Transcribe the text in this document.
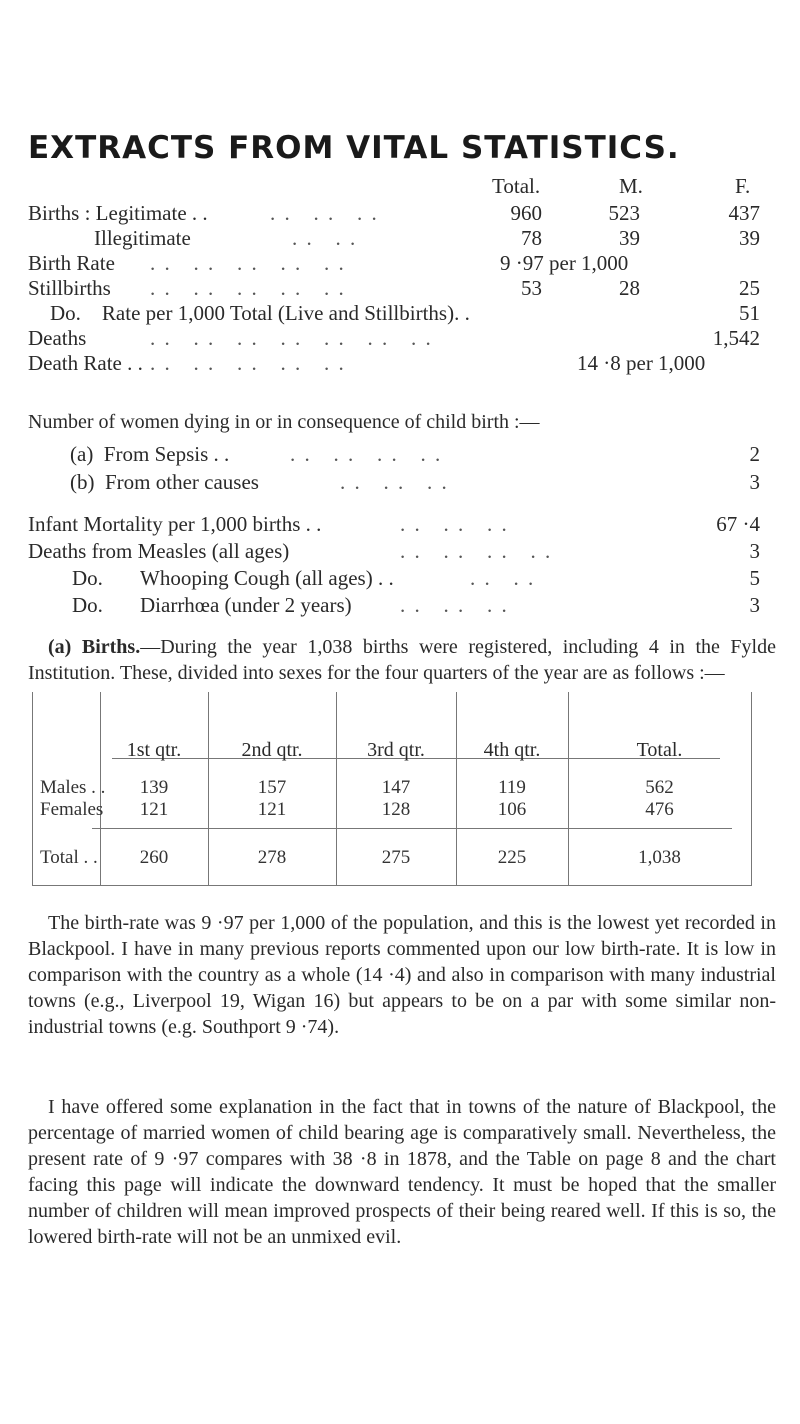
EXTRACTS FROM VITAL STATISTICS.
Total.	M.	F.
Births : Legitimate . .	. .   . .   . .	960	523	437
Illegitimate	. .   . .	78	39	39
Birth Rate . .   . .   . .   . .   . .	9 ·97 per 1,000
Stillbirths . .   . .   . .   . .   . .	53	28	25
Do.    Rate per 1,000 Total (Live and Stillbirths). .	51
Deaths	. .   . .   . .   . .   . .   . .   . .	1,542
Death Rate . . . .   . .   . .   . .   . .	14 ·8 per 1,000
Number of women dying in or in consequence of child birth :—
(a)  From Sepsis . .	. .   . .   . .   . .	2
(b)  From other causes	. .   . .   . .	3
Infant Mortality per 1,000 births . .	. .   . .   . .	67 ·4
Deaths from Measles (all ages)	. .   . .   . .   . .	3
Do. Whooping Cough (all ages) . .	. .   . .	5
Do. Diarrhœa (under 2 years) . .   . .   . .	3
(a) Births.—During the year 1,038 births were registered, including 4 in the Fylde Institution. These, divided into sexes for the four quarters of the year are as follows :—
1st qtr.	2nd qtr.	3rd qtr.	4th qtr.	Total.
Males . .	139	157	147	119	562
Females	121	121	128	106	476
Total . .	260	278	275	225	1,038
The birth-rate was 9 ·97 per 1,000 of the population, and this is the lowest yet recorded in Blackpool. I have in many previous reports commented upon our low birth-rate. It is low in comparison with the country as a whole (14 ·4) and also in comparison with many industrial towns (e.g., Liverpool 19, Wigan 16) but appears to be on a par with some similar non-industrial towns (e.g. Southport 9 ·74).
I have offered some explanation in the fact that in towns of the nature of Blackpool, the percentage of married women of child bearing age is comparatively small. Nevertheless, the present rate of 9 ·97 compares with 38 ·8 in 1878, and the Table on page 8 and the chart facing this page will indicate the downward tendency. It must be hoped that the smaller number of children will mean improved prospects of their being reared well. If this is so, the lowered birth-rate will not be an unmixed evil.
